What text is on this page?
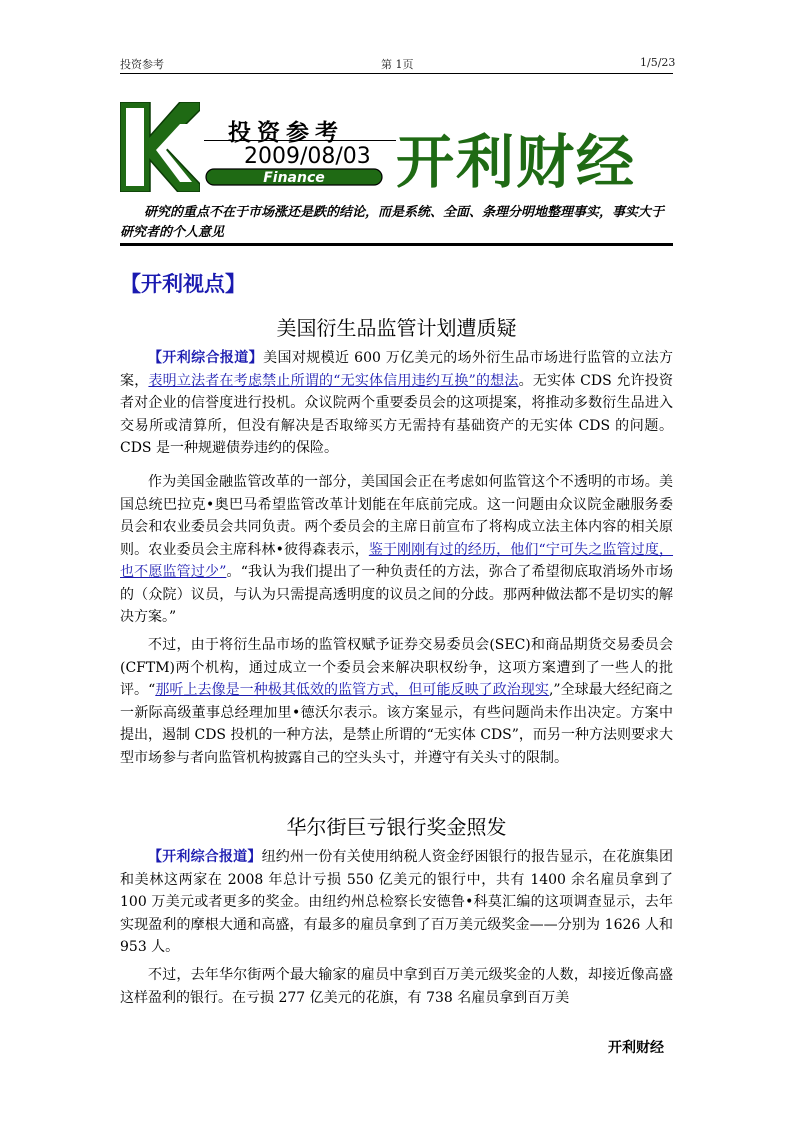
投资参考	第 1页	1/5/23
投资参考
2009/08/03
Finance 开利财经
研究的重点不在于市场涨还是跌的结论，而是系统、全面、条理分明地整理事实，事实大于研究者的个人意见
【开利视点】
美国衍生品监管计划遭质疑
【开利综合报道】美国对规模近 600 万亿美元的场外衍生品市场进行监管的立法方案，表明立法者在考虑禁止所谓的“无实体信用违约互换”的想法。无实体 CDS 允许投资者对企业的信誉度进行投机。众议院两个重要委员会的这项提案，将推动多数衍生品进入交易所或清算所，但没有解决是否取缔买方无需持有基础资产的无实体 CDS 的问题。CDS 是一种规避债券违约的保险。
作为美国金融监管改革的一部分，美国国会正在考虑如何监管这个不透明的市场。美国总统巴拉克•奥巴马希望监管改革计划能在年底前完成。这一问题由众议院金融服务委员会和农业委员会共同负责。两个委员会的主席日前宣布了将构成立法主体内容的相关原则。农业委员会主席科林•彼得森表示，鉴于刚刚有过的经历，他们“宁可失之监管过度，也不愿监管过少”。“我认为我们提出了一种负责任的方法，弥合了希望彻底取消场外市场的（众院）议员，与认为只需提高透明度的议员之间的分歧。那两种做法都不是切实的解决方案。”
不过，由于将衍生品市场的监管权赋予证券交易委员会(SEC)和商品期货交易委员会(CFTM)两个机构，通过成立一个委员会来解决职权纷争，这项方案遭到了一些人的批评。“那听上去像是一种极其低效的监管方式，但可能反映了政治现实,”全球最大经纪商之一新际高级董事总经理加里•德沃尔表示。该方案显示，有些问题尚未作出决定。方案中提出，遏制 CDS 投机的一种方法，是禁止所谓的“无实体 CDS”，而另一种方法则要求大型市场参与者向监管机构披露自己的空头头寸，并遵守有关头寸的限制。
华尔街巨亏银行奖金照发
【开利综合报道】纽约州一份有关使用纳税人资金纾困银行的报告显示，在花旗集团和美林这两家在 2008 年总计亏损 550 亿美元的银行中，共有 1400 余名雇员拿到了 100 万美元或者更多的奖金。由纽约州总检察长安德鲁•科莫汇编的这项调查显示，去年实现盈利的摩根大通和高盛，有最多的雇员拿到了百万美元级奖金——分别为 1626 人和 953 人。
不过，去年华尔街两个最大输家的雇员中拿到百万美元级奖金的人数，却接近像高盛这样盈利的银行。在亏损 277 亿美元的花旗，有 738 名雇员拿到百万美
开利财经
